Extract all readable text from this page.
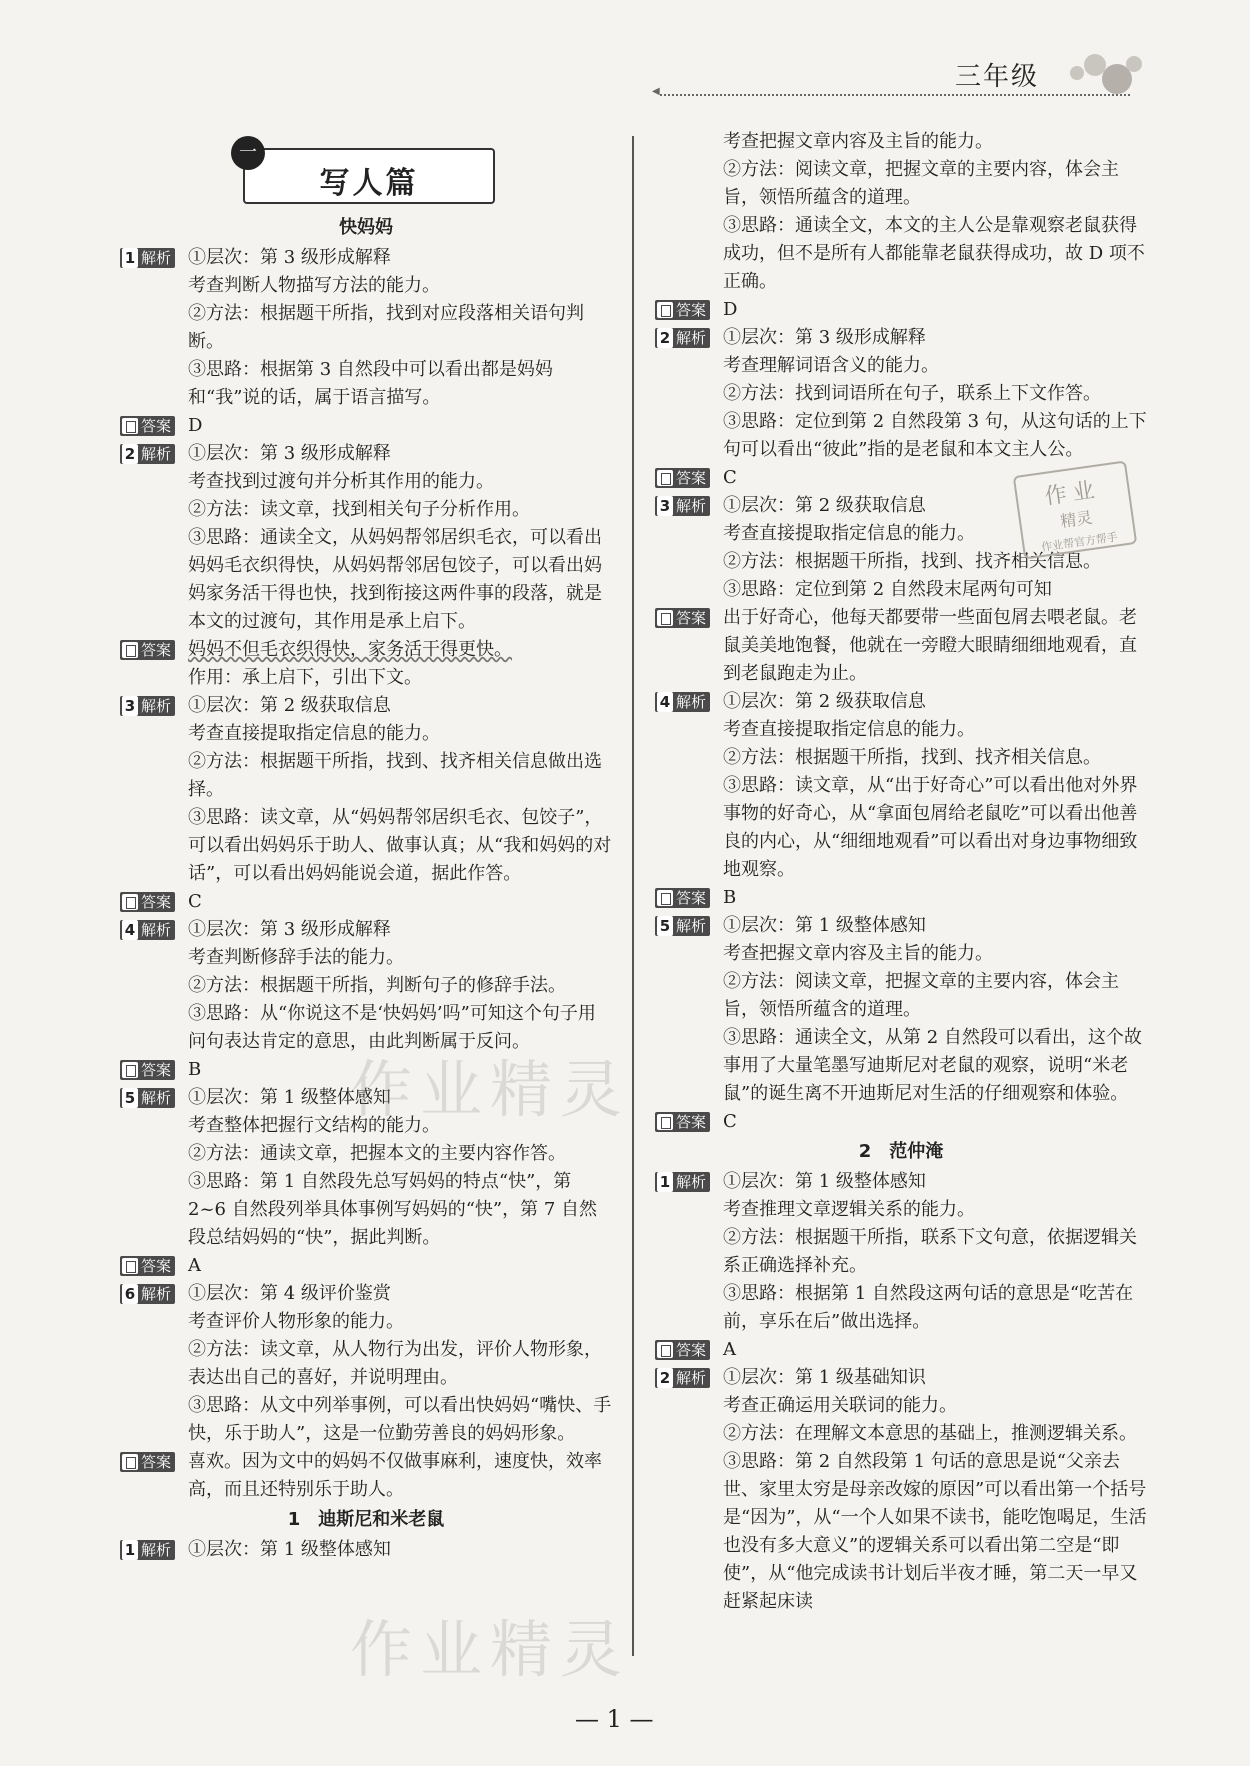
三年级
◀
一
写人篇
快妈妈
1 解析 ①层次：第 3 级形成解释
考查判断人物描写方法的能力。
②方法：根据题干所指，找到对应段落相关语句判断。
③思路：根据第 3 自然段中可以看出都是妈妈和“我”说的话，属于语言描写。
答案 D
2 解析 ①层次：第 3 级形成解释
考查找到过渡句并分析其作用的能力。
②方法：读文章，找到相关句子分析作用。
③思路：通读全文，从妈妈帮邻居织毛衣，可以看出妈妈毛衣织得快，从妈妈帮邻居包饺子，可以看出妈妈家务活干得也快，找到衔接这两件事的段落，就是本文的过渡句，其作用是承上启下。
答案 妈妈不但毛衣织得快，家务活干得更快。
作用：承上启下，引出下文。
3 解析 ①层次：第 2 级获取信息
考查直接提取指定信息的能力。
②方法：根据题干所指，找到、找齐相关信息做出选择。
③思路：读文章，从“妈妈帮邻居织毛衣、包饺子”，可以看出妈妈乐于助人、做事认真；从“我和妈妈的对话”，可以看出妈妈能说会道，据此作答。
答案 C
4 解析 ①层次：第 3 级形成解释
考查判断修辞手法的能力。
②方法：根据题干所指，判断句子的修辞手法。
③思路：从“你说这不是‘快妈妈’吗”可知这个句子用问句表达肯定的意思，由此判断属于反问。
答案 B
5 解析 ①层次：第 1 级整体感知
考查整体把握行文结构的能力。
②方法：通读文章，把握本文的主要内容作答。
③思路：第 1 自然段先总写妈妈的特点“快”，第 2~6 自然段列举具体事例写妈妈的“快”，第 7 自然段总结妈妈的“快”，据此判断。
答案 A
6 解析 ①层次：第 4 级评价鉴赏
考查评价人物形象的能力。
②方法：读文章，从人物行为出发，评价人物形象，表达出自己的喜好，并说明理由。
③思路：从文中列举事例，可以看出快妈妈“嘴快、手快，乐于助人”，这是一位勤劳善良的妈妈形象。
答案 喜欢。因为文中的妈妈不仅做事麻利，速度快，效率高，而且还特别乐于助人。
1　迪斯尼和米老鼠
1 解析 ①层次：第 1 级整体感知
考查把握文章内容及主旨的能力。
②方法：阅读文章，把握文章的主要内容，体会主旨，领悟所蕴含的道理。
③思路：通读全文，本文的主人公是靠观察老鼠获得成功，但不是所有人都能靠老鼠获得成功，故 D 项不正确。
答案 D
2 解析 ①层次：第 3 级形成解释
考查理解词语含义的能力。
②方法：找到词语所在句子，联系上下文作答。
③思路：定位到第 2 自然段第 3 句，从这句话的上下句可以看出“彼此”指的是老鼠和本文主人公。
答案 C
3 解析 ①层次：第 2 级获取信息
考查直接提取指定信息的能力。
②方法：根据题干所指，找到、找齐相关信息。
③思路：定位到第 2 自然段末尾两句可知
答案 出于好奇心，他每天都要带一些面包屑去喂老鼠。老鼠美美地饱餐，他就在一旁瞪大眼睛细细地观看，直到老鼠跑走为止。
4 解析 ①层次：第 2 级获取信息
考查直接提取指定信息的能力。
②方法：根据题干所指，找到、找齐相关信息。
③思路：读文章，从“出于好奇心”可以看出他对外界事物的好奇心，从“拿面包屑给老鼠吃”可以看出他善良的内心，从“细细地观看”可以看出对身边事物细致地观察。
答案 B
5 解析 ①层次：第 1 级整体感知
考查把握文章内容及主旨的能力。
②方法：阅读文章，把握文章的主要内容，体会主旨，领悟所蕴含的道理。
③思路：通读全文，从第 2 自然段可以看出，这个故事用了大量笔墨写迪斯尼对老鼠的观察，说明“米老鼠”的诞生离不开迪斯尼对生活的仔细观察和体验。
答案 C
2　范仲淹
1 解析 ①层次：第 1 级整体感知
考查推理文章逻辑关系的能力。
②方法：根据题干所指，联系下文句意，依据逻辑关系正确选择补充。
③思路：根据第 1 自然段这两句话的意思是“吃苦在前，享乐在后”做出选择。
答案 A
2 解析 ①层次：第 1 级基础知识
考查正确运用关联词的能力。
②方法：在理解文本意思的基础上，推测逻辑关系。
③思路：第 2 自然段第 1 句话的意思是说“父亲去世、家里太穷是母亲改嫁的原因”可以看出第一个括号是“因为”，从“一个人如果不读书，能吃饱喝足，生活也没有多大意义”的逻辑关系可以看出第二空是“即使”，从“他完成读书计划后半夜才睡，第二天一早又赶紧起床读
作业
精灵
作业帮官方帮手
作业精灵
作业精灵
— 1 —
